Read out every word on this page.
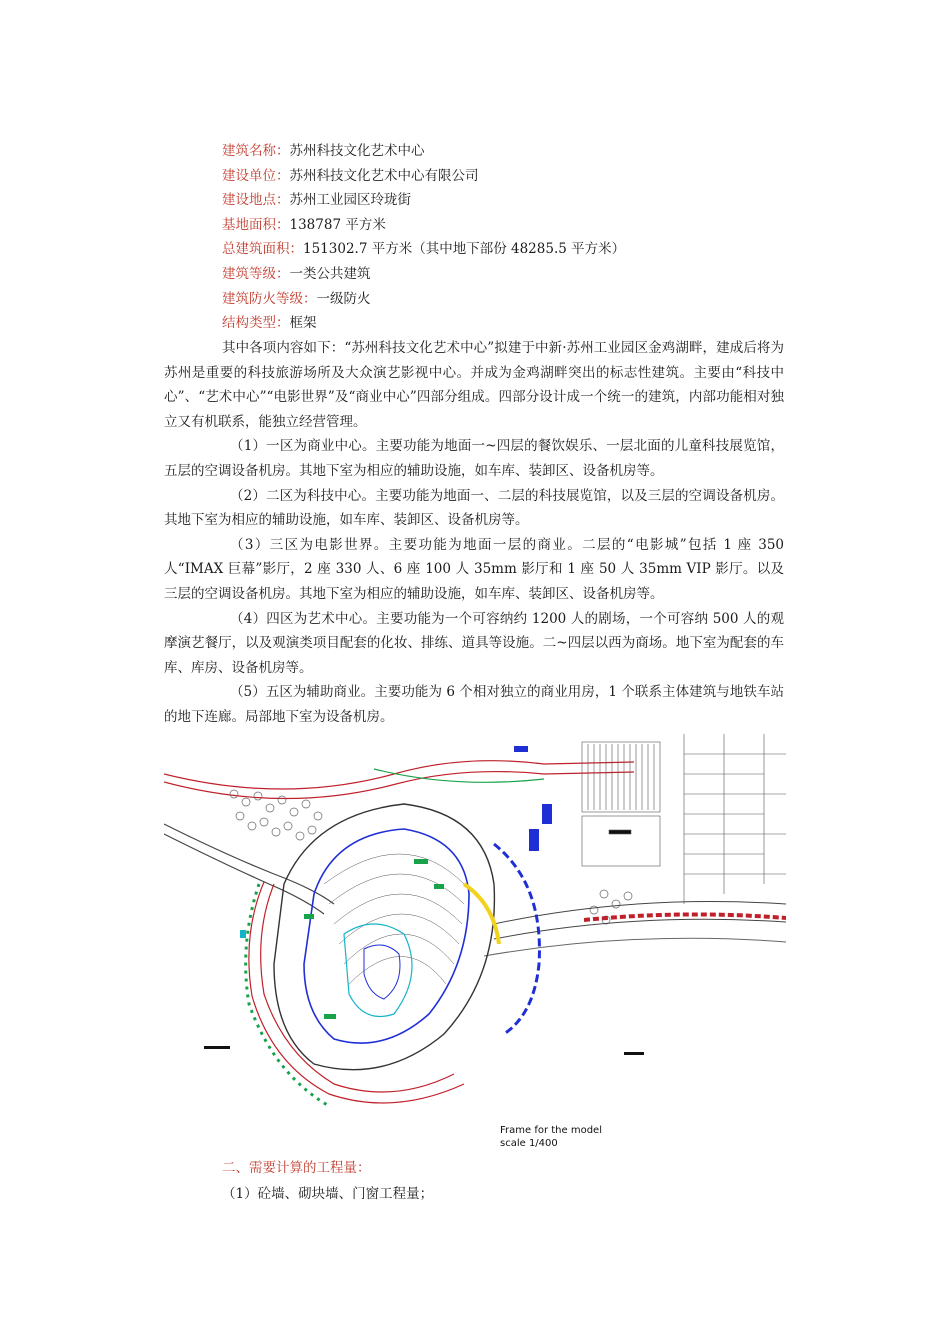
建筑名称：苏州科技文化艺术中心
建设单位：苏州科技文化艺术中心有限公司
建设地点：苏州工业园区玲珑街
基地面积：138787 平方米
总建筑面积：151302.7 平方米（其中地下部份 48285.5 平方米）
建筑等级：一类公共建筑
建筑防火等级：一级防火
结构类型：框架

其中各项内容如下：“苏州科技文化艺术中心”拟建于中新·苏州工业园区金鸡湖畔，建成后将为苏州是重要的科技旅游场所及大众演艺影视中心。并成为金鸡湖畔突出的标志性建筑。主要由“科技中心”、“艺术中心”“电影世界”及“商业中心”四部分组成。四部分设计成一个统一的建筑，内部功能相对独立又有机联系，能独立经营管理。

（1）一区为商业中心。主要功能为地面一~四层的餐饮娱乐、一层北面的儿童科技展览馆，五层的空调设备机房。其地下室为相应的辅助设施，如车库、装卸区、设备机房等。

（2）二区为科技中心。主要功能为地面一、二层的科技展览馆，以及三层的空调设备机房。其地下室为相应的辅助设施，如车库、装卸区、设备机房等。

（3）三区为电影世界。主要功能为地面一层的商业。二层的“电影城”包括 1 座 350 人“IMAX 巨幕”影厅，2 座 330 人、6 座 100 人 35mm 影厅和 1 座 50 人 35mm VIP 影厅。以及三层的空调设备机房。其地下室为相应的辅助设施，如车库、装卸区、设备机房等。

（4）四区为艺术中心。主要功能为一个可容纳约 1200 人的剧场，一个可容纳 500 人的观摩演艺餐厅，以及观演类项目配套的化妆、排练、道具等设施。二~四层以西为商场。地下室为配套的车库、库房、设备机房等。

（5）五区为辅助商业。主要功能为 6 个相对独立的商业用房，1 个联系主体建筑与地铁车站的地下连廊。局部地下室为设备机房。

Frame for the model
scale 1/400
二、需要计算的工程量：
（1）砼墙、砌块墙、门窗工程量；
